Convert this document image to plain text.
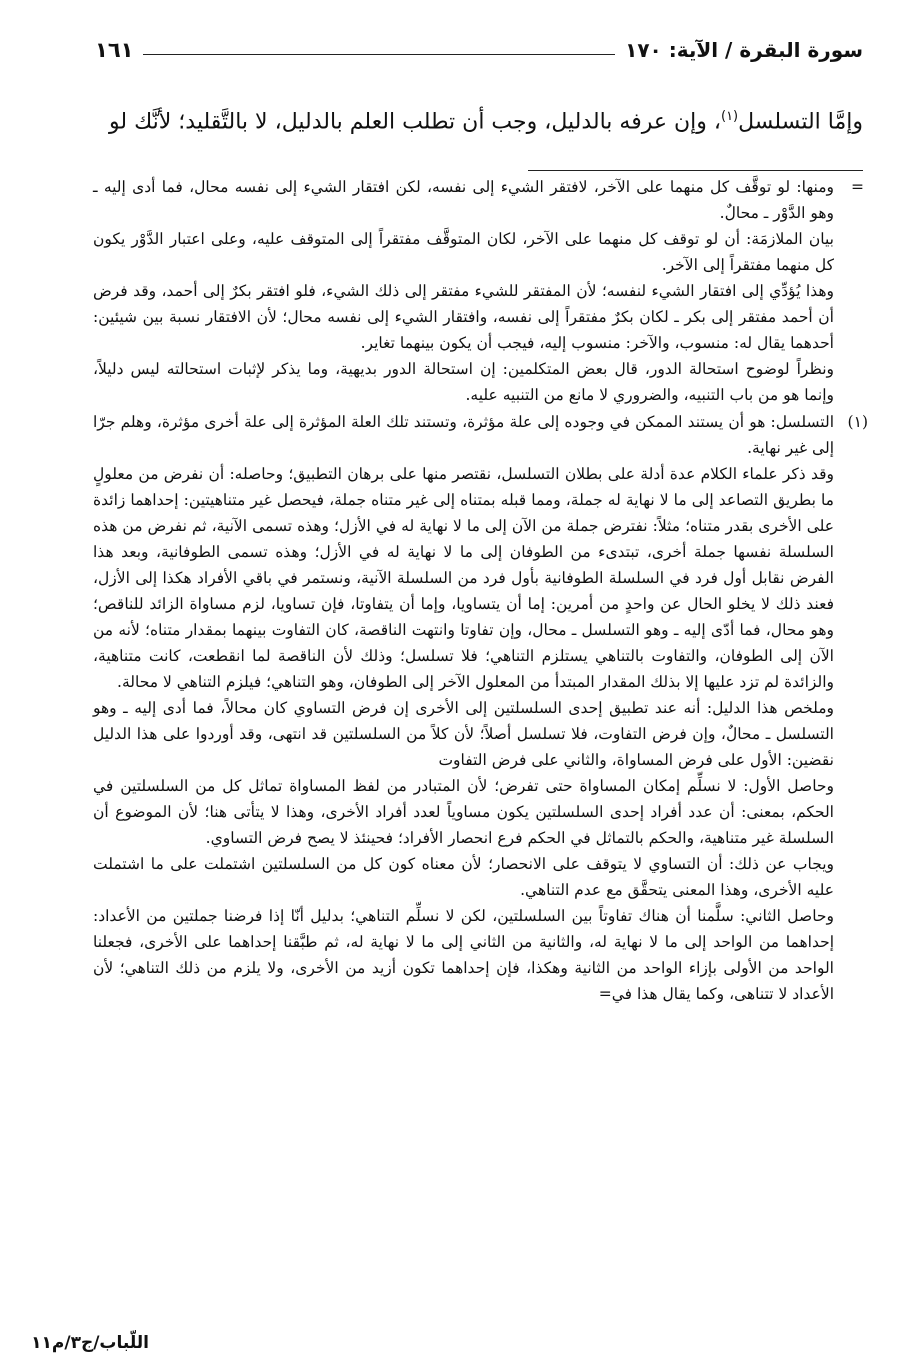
سورة البقرة / الآية: ١٧٠
١٦١
وإمَّا التسلسل$^{(١)}$، وإن عرفه بالدليل، وجب أن تطلب العلم بالدليل، لا بالتَّقليد؛ لأنَّك لو
=

ومنها: لو توقَّف كل منهما على الآخر، لافتقر الشيء إلى نفسه، لكن افتقار الشيء إلى نفسه محال، فما أدى إليه ـ وهو الدَّوْر ـ محالٌ.

بيان الملازمَة: أن لو توقف كل منهما على الآخر، لكان المتوقَّف مفتقراً إلى المتوقف عليه، وعلى اعتبار الدَّوْر يكون كل منهما مفتقراً إلى الآخر.

وهذا يُؤدِّي إلى افتقار الشيء لنفسه؛ لأن المفتقر للشيء مفتقر إلى ذلك الشيء، فلو افتقر بكرٌ إلى أحمد، وقد فرض أن أحمد مفتقر إلى بكر ـ لكان بكرٌ مفتقراً إلى نفسه، وافتقار الشيء إلى نفسه محال؛ لأن الافتقار نسبة بين شيئين: أحدهما يقال له: منسوب، والآخر: منسوب إليه، فيجب أن يكون بينهما تغاير.

ونظراً لوضوح استحالة الدور، قال بعض المتكلمين: إن استحالة الدور بديهية، وما يذكر لإثبات استحالته ليس دليلاً، وإنما هو من باب التنبيه، والضروري لا مانع من التنبيه عليه.

(١)

التسلسل: هو أن يستند الممكن في وجوده إلى علة مؤثرة، وتستند تلك العلة المؤثرة إلى علة أخرى مؤثرة، وهلم جرّا إلى غير نهاية.

وقد ذكر علماء الكلام عدة أدلة على بطلان التسلسل، نقتصر منها على برهان التطبيق؛ وحاصله: أن نفرض من معلولٍ ما بطريق التصاعد إلى ما لا نهاية له جملة، ومما قبله بمتناه إلى غير متناه جملة، فيحصل غير متناهيتين: إحداهما زائدة على الأخرى بقدر متناه؛ مثلاً: نفترض جملة من الآن إلى ما لا نهاية له في الأزل؛ وهذه تسمى الآنية، ثم نفرض من هذه السلسلة نفسها جملة أخرى، تبتدىء من الطوفان إلى ما لا نهاية له في الأزل؛ وهذه تسمى الطوفانية، وبعد هذا الفرض نقابل أول فرد في السلسلة الطوفانية بأول فرد من السلسلة الآنية، ونستمر في باقي الأفراد هكذا إلى الأزل، فعند ذلك لا يخلو الحال عن واحدٍ من أمرين: إما أن يتساويا، وإما أن يتفاوتا، فإن تساويا، لزم مساواة الزائد للناقص؛ وهو محال، فما أدّى إليه ـ وهو التسلسل ـ محال، وإن تفاوتا وانتهت الناقصة، كان التفاوت بينهما بمقدار متناه؛ لأنه من الآن إلى الطوفان، والتفاوت بالتناهي يستلزم التناهي؛ فلا تسلسل؛ وذلك لأن الناقصة لما انقطعت، كانت متناهية، والزائدة لم تزد عليها إلا بذلك المقدار المبتدأ من المعلول الآخر إلى الطوفان، وهو التناهي؛ فيلزم التناهي لا محالة.

وملخص هذا الدليل: أنه عند تطبيق إحدى السلسلتين إلى الأخرى إن فرض التساوي كان محالاً، فما أدى إليه ـ وهو التسلسل ـ محالٌ، وإن فرض التفاوت، فلا تسلسل أصلاً؛ لأن كلاً من السلسلتين قد انتهى، وقد أوردوا على هذا الدليل نقضين: الأول على فرض المساواة، والثاني على فرض التفاوت

وحاصل الأول: لا نسلِّم إمكان المساواة حتى تفرض؛ لأن المتبادر من لفظ المساواة تماثل كل من السلسلتين في الحكم، بمعنى: أن عدد أفراد إحدى السلسلتين يكون مساوياً لعدد أفراد الأخرى، وهذا لا يتأتى هنا؛ لأن الموضوع أن السلسلة غير متناهية، والحكم بالتماثل في الحكم فرع انحصار الأفراد؛ فحينئذ لا يصح فرض التساوي.

ويجاب عن ذلك: أن التساوي لا يتوقف على الانحصار؛ لأن معناه كون كل من السلسلتين اشتملت على ما اشتملت عليه الأخرى، وهذا المعنى يتحقَّق مع عدم التناهي.

وحاصل الثاني: سلَّمنا أن هناك تفاوتاً بين السلسلتين، لكن لا نسلِّم التناهي؛ بدليل أنّا إذا فرضنا جملتين من الأعداد: إحداهما من الواحد إلى ما لا نهاية له، والثانية من الثاني إلى ما لا نهاية له، ثم طبَّقنا إحداهما على الأخرى، فجعلنا الواحد من الأولى بإزاء الواحد من الثانية وهكذا، فإن إحداهما تكون أزيد من الأخرى، ولا يلزم من ذلك التناهي؛ لأن الأعداد لا تتناهى، وكما يقال هذا في=

اللّباب/ج٣/م١١
